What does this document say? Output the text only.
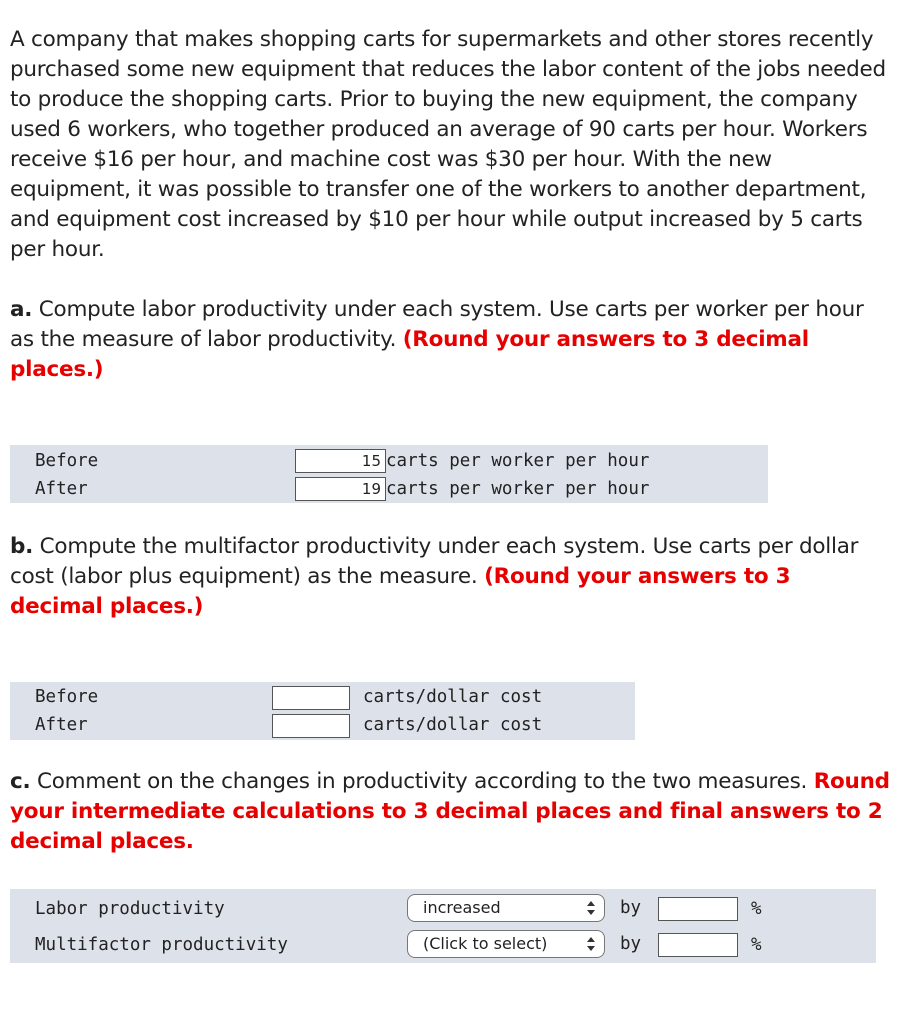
A company that makes shopping carts for supermarkets and other stores recently purchased some new equipment that reduces the labor content of the jobs needed to produce the shopping carts. Prior to buying the new equipment, the company used 6 workers, who together produced an average of 90 carts per hour. Workers receive $16 per hour, and machine cost was $30 per hour. With the new equipment, it was possible to transfer one of the workers to another department, and equipment cost increased by $10 per hour while output increased by 5 carts per hour.

a. Compute labor productivity under each system. Use carts per worker per hour as the measure of labor productivity. (Round your answers to 3 decimal places.)

Before	15 carts per worker per hour
After	19 carts per worker per hour

b. Compute the multifactor productivity under each system. Use carts per dollar cost (labor plus equipment) as the measure. (Round your answers to 3 decimal places.)

Before	carts/dollar cost
After	carts/dollar cost

c. Comment on the changes in productivity according to the two measures. Round your intermediate calculations to 3 decimal places and final answers to 2 decimal places.

Labor productivity	increased	by	%
Multifactor productivity	(Click to select)	by	%
